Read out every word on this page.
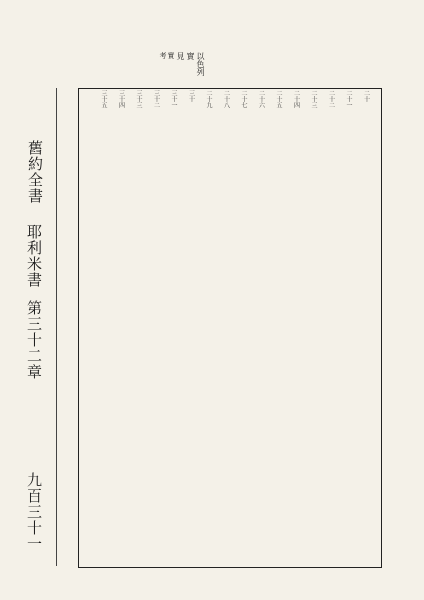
以色列
實
見
實
考
舊約全書
耶利米書
第三十二章
九百三十一
二十
二十一
二十二
二十三
二十四
二十五
二十六
二十七
二十八
二十九
三十
三十一
三十二
三十三
三十四
三十五
